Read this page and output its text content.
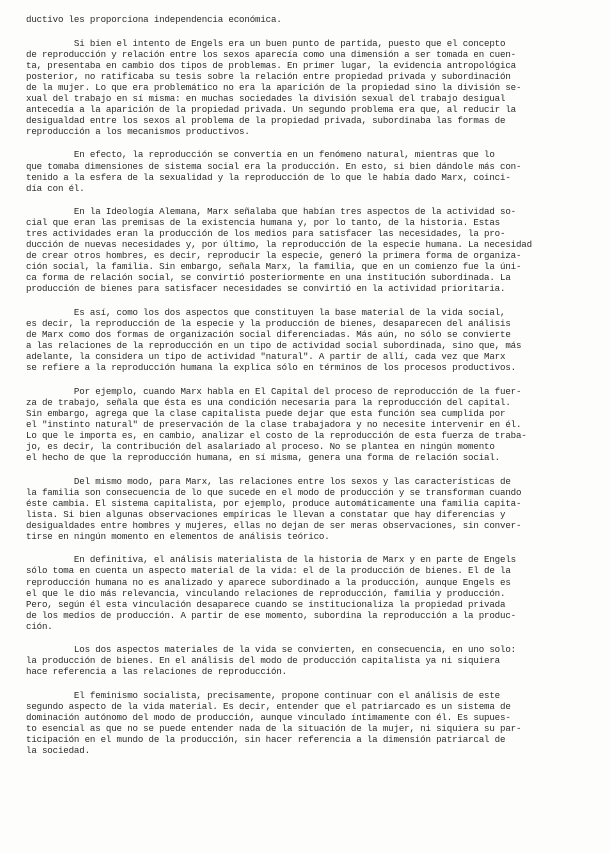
ductivo les proporciona independencia económica.
Si bien el intento de Engels era un buen punto de partida, puesto que el concepto
de reproducción y relación entre los sexos aparecía como una dimensión a ser tomada en cuen-
ta, presentaba en cambio dos tipos de problemas. En primer lugar, la evidencia antropológica
posterior, no ratificaba su tesis sobre la relación entre propiedad privada y subordinación
de la mujer. Lo que era problemático no era la aparición de la propiedad sino la división se-
xual del trabajo en sí misma: en muchas sociedades la división sexual del trabajo desigual
antecedía a la aparición de la propiedad privada. Un segundo problema era que, al reducir la
desigualdad entre los sexos al problema de la propiedad privada, subordinaba las formas de
reproducción a los mecanismos productivos.
En efecto, la reproducción se convertía en un fenómeno natural, mientras que lo
que tomaba dimensiones de sistema social era la producción. En esto, si bien dándole más con-
tenido a la esfera de la sexualidad y la reproducción de lo que le había dado Marx, coinci-
día con él.
En la Ideología Alemana, Marx señalaba que habían tres aspectos de la actividad so-
cial que eran las premisas de la existencia humana y, por lo tanto, de la historia. Estas
tres actividades eran la producción de los medios para satisfacer las necesidades, la pro-
ducción de nuevas necesidades y, por último, la reproducción de la especie humana. La necesidad
de crear otros hombres, es decir, reproducir la especie, generó la primera forma de organiza-
ción social, la familia. Sin embargo, señala Marx, la familia, que en un comienzo fue la úni-
ca forma de relación social, se convirtió posteriormente en una institución subordinada. La
producción de bienes para satisfacer necesidades se convirtió en la actividad prioritaria.
Es así, como los dos aspectos que constituyen la base material de la vida social,
es decir, la reproducción de la especie y la producción de bienes, desaparecen del análisis
de Marx como dos formas de organización social diferenciadas. Más aún, no sólo se convierte
a las relaciones de la reproducción en un tipo de actividad social subordinada, sino que, más
adelante, la considera un tipo de actividad "natural". A partir de allí, cada vez que Marx
se refiere a la reproducción humana la explica sólo en términos de los procesos productivos.
Por ejemplo, cuando Marx habla en El Capital del proceso de reproducción de la fuer-
za de trabajo, señala que ésta es una condición necesaria para la reproducción del capital.
Sin embargo, agrega que la clase capitalista puede dejar que esta función sea cumplida por
el "instinto natural" de preservación de la clase trabajadora y no necesite intervenir en él.
Lo que le importa es, en cambio, analizar el costo de la reproducción de esta fuerza de traba-
jo, es decir, la contribución del asalariado al proceso. No se plantea en ningún momento
el hecho de que la reproducción humana, en sí misma, genera una forma de relación social.
Del mismo modo, para Marx, las relaciones entre los sexos y las características de
la familia son consecuencia de lo que sucede en el modo de producción y se transforman cuando
éste cambia. El sistema capitalista, por ejemplo, produce automáticamente una familia capita-
lista. Si bien algunas observaciones empíricas le llevan a constatar que hay diferencias y
desigualdades entre hombres y mujeres, ellas no dejan de ser meras observaciones, sin conver-
tirse en ningún momento en elementos de análisis teórico.
En definitiva, el análisis materialista de la historia de Marx y en parte de Engels
sólo toma en cuenta un aspecto material de la vida: el de la producción de bienes. El de la
reproducción humana no es analizado y aparece subordinado a la producción, aunque Engels es
el que le dio más relevancia, vinculando relaciones de reproducción, familia y producción.
Pero, según él esta vinculación desaparece cuando se institucionaliza la propiedad privada
de los medios de producción. A partir de ese momento, subordina la reproducción a la produc-
ción.
Los dos aspectos materiales de la vida se convierten, en consecuencia, en uno solo:
la producción de bienes. En el análisis del modo de producción capitalista ya ni siquiera
hace referencia a las relaciones de reproducción.
El feminismo socialista, precisamente, propone continuar con el análisis de este
segundo aspecto de la vida material. Es decir, entender que el patriarcado es un sistema de
dominación autónomo del modo de producción, aunque vinculado íntimamente con él. Es supues-
to esencial as que no se puede entender nada de la situación de la mujer, ni siquiera su par-
ticipación en el mundo de la producción, sin hacer referencia a la dimensión patriarcal de
la sociedad.
